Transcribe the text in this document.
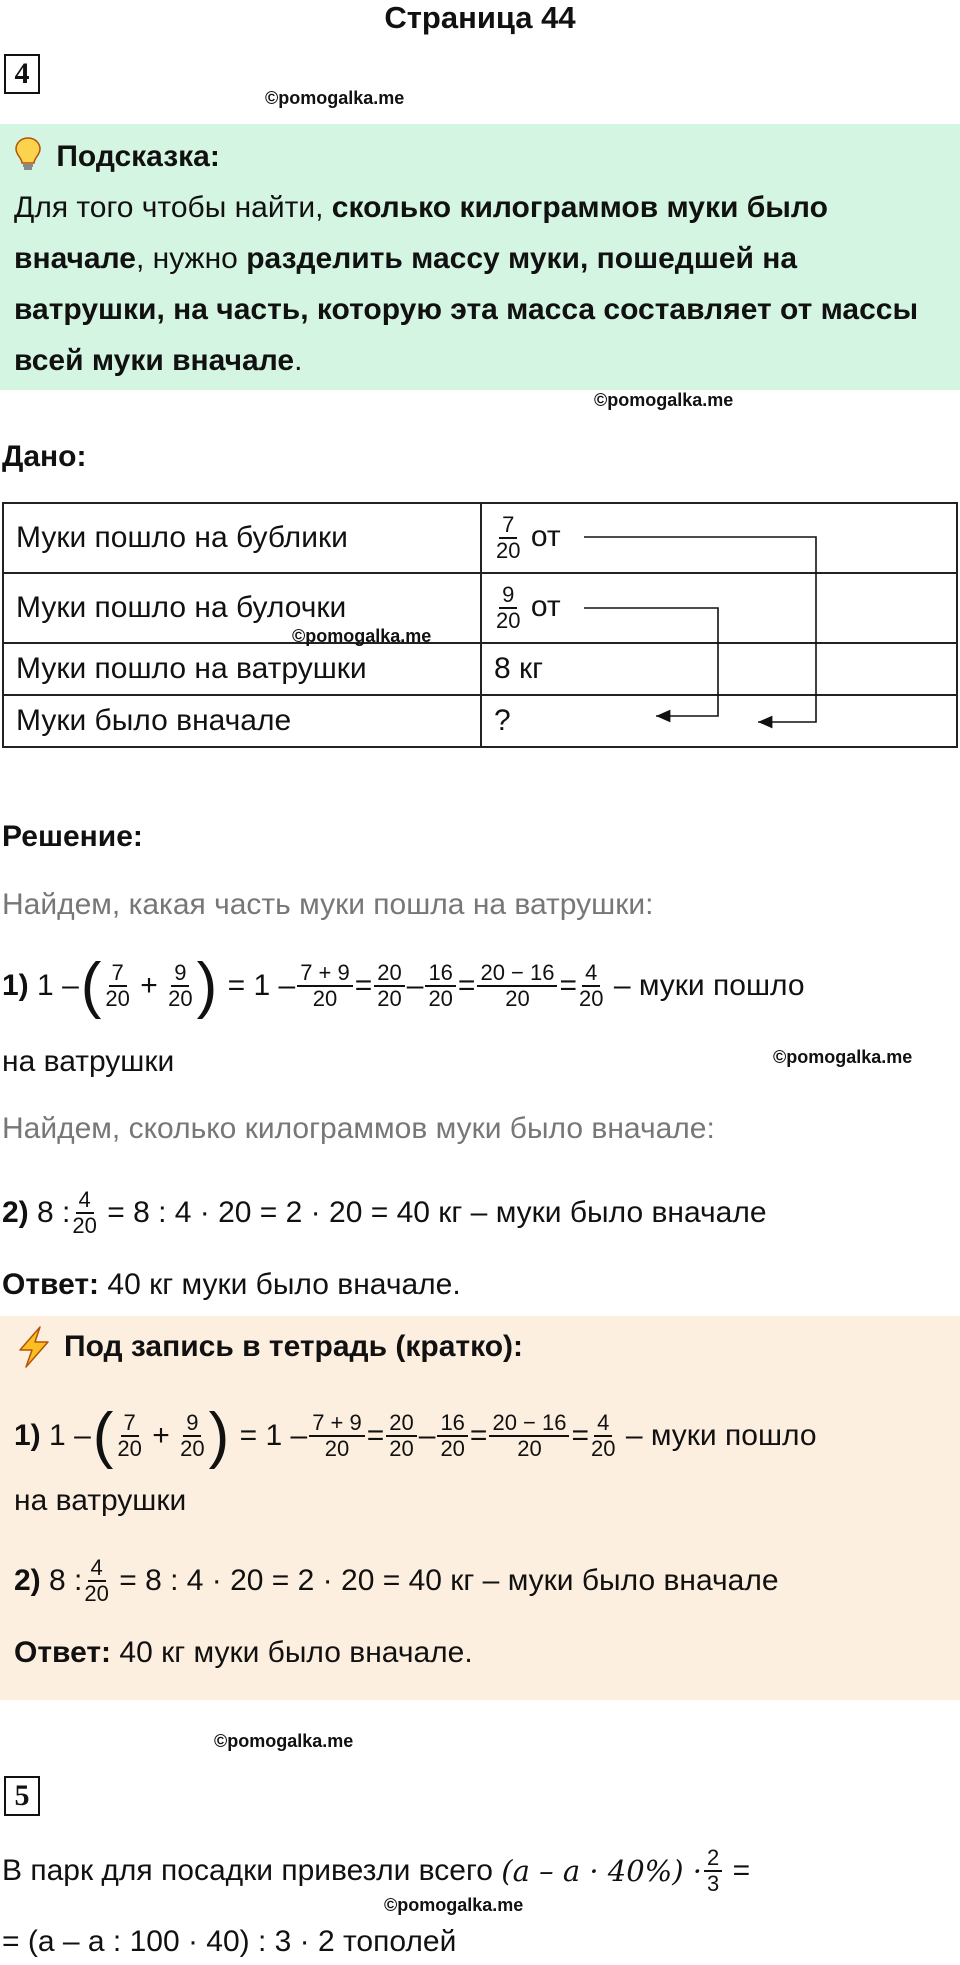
Страница 44
4
©pomogalka.me
Подсказка:
Для того чтобы найти, сколько килограммов муки было вначале, нужно разделить массу муки, пошедшей на ватрушки, на часть, которую эта масса составляет от массы всей муки вначале.
©pomogalka.me
Дано:
Муки пошло на бублики	$\frac{7}{20}$ от
Муки пошло на булочки	$\frac{9}{20}$ от
Муки пошло на ватрушки	8 кг
Муки было вначале	?
©pomogalka.me
Решение:
Найдем, какая часть муки пошла на ватрушки:
1)
1
– ( $\frac{7}{20}$
+
$\frac{9}{20}$ )
=
1
– $\frac{7 + 9}{20} = \frac{20}{20} - \frac{16}{20} = \frac{20 - 16}{20} = \frac{4}{20}$
– муки пошло
на ватрушки	©pomogalka.me
Найдем, сколько килограммов муки было вначале:
2)
8 : $\frac{4}{20}$
= 8 : 4 · 20 = 2 · 20 = 40 кг – муки было вначале
Ответ: 40 кг муки было вначале.
Под запись в тетрадь (кратко):
1)
1
– ( $\frac{7}{20}$
+
$\frac{9}{20}$ )
=
1
– $\frac{7 + 9}{20} = \frac{20}{20} - \frac{16}{20} = \frac{20 - 16}{20} = \frac{4}{20}$
– муки пошло
на ватрушки
2)
8 : $\frac{4}{20}$
= 8 : 4 · 20 = 2 · 20 = 40 кг – муки было вначале
Ответ: 40 кг муки было вначале.
©pomogalka.me
5
В парк для посадки привезли всего
$(a - a \cdot 40\%) \cdot \frac{2}{3}$
=
©pomogalka.me
= (a – a : 100 · 40) : 3 · 2 тополей
